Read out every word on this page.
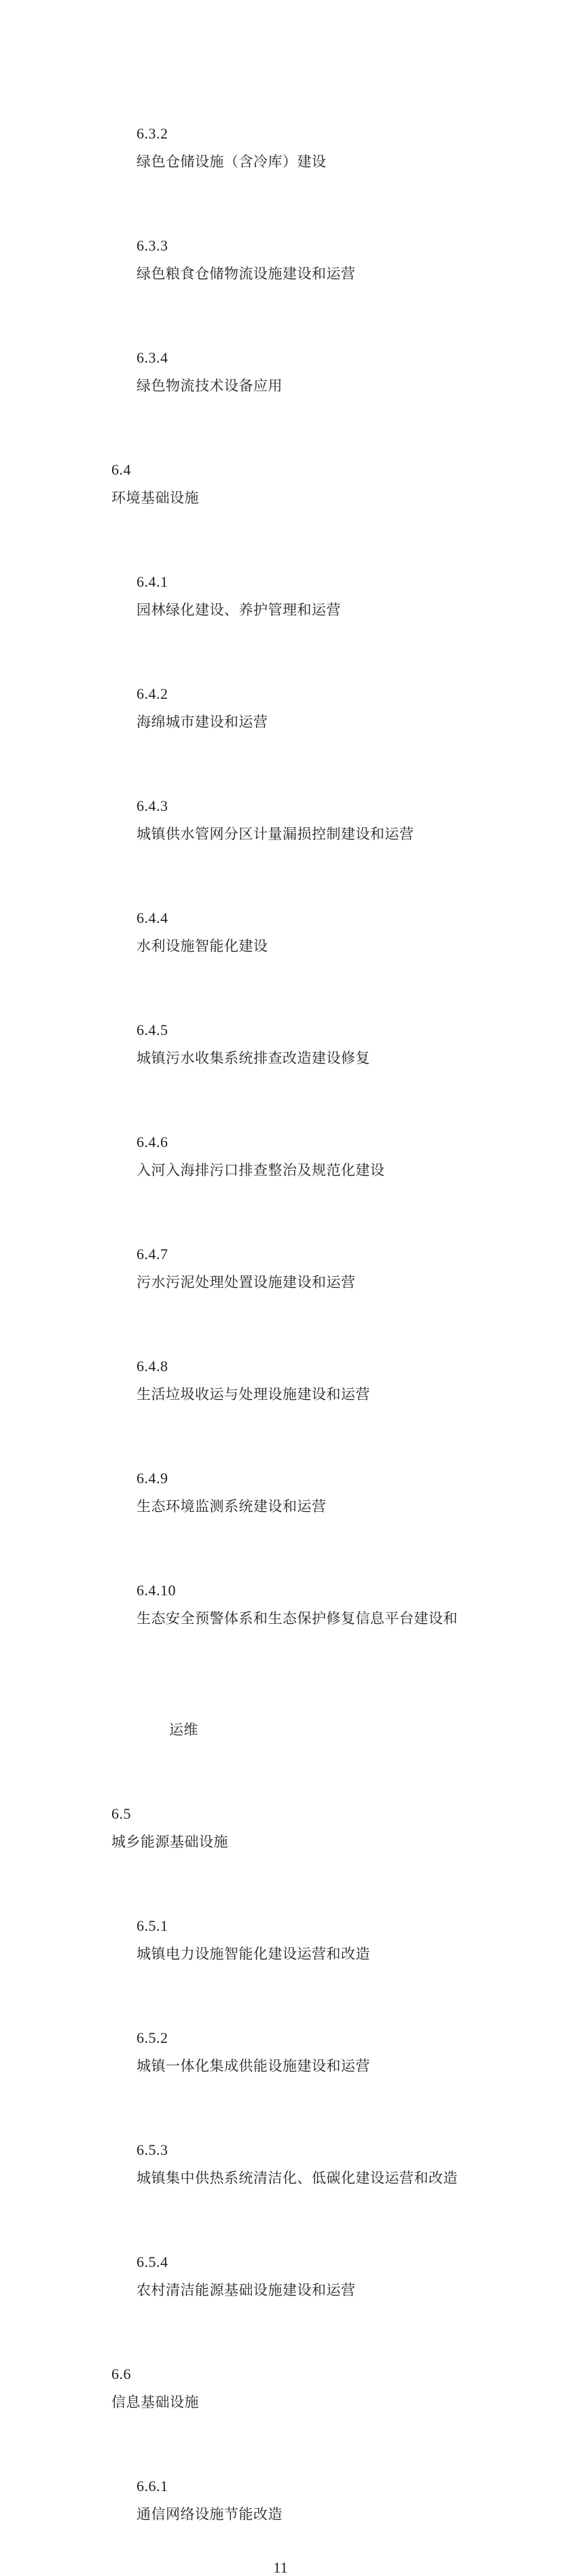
6.3.2
绿色仓储设施（含冷库）建设

6.3.3
绿色粮食仓储物流设施建设和运营

6.3.4
绿色物流技术设备应用

6.4
环境基础设施

6.4.1
园林绿化建设、养护管理和运营

6.4.2
海绵城市建设和运营

6.4.3
城镇供水管网分区计量漏损控制建设和运营

6.4.4
水利设施智能化建设

6.4.5
城镇污水收集系统排查改造建设修复

6.4.6
入河入海排污口排查整治及规范化建设

6.4.7
污水污泥处理处置设施建设和运营

6.4.8
生活垃圾收运与处理设施建设和运营

6.4.9
生态环境监测系统建设和运营

6.4.10
生态安全预警体系和生态保护修复信息平台建设和

运维

6.5
城乡能源基础设施

6.5.1
城镇电力设施智能化建设运营和改造

6.5.2
城镇一体化集成供能设施建设和运营

6.5.3
城镇集中供热系统清洁化、低碳化建设运营和改造

6.5.4
农村清洁能源基础设施建设和运营

6.6
信息基础设施

6.6.1
通信网络设施节能改造

11
